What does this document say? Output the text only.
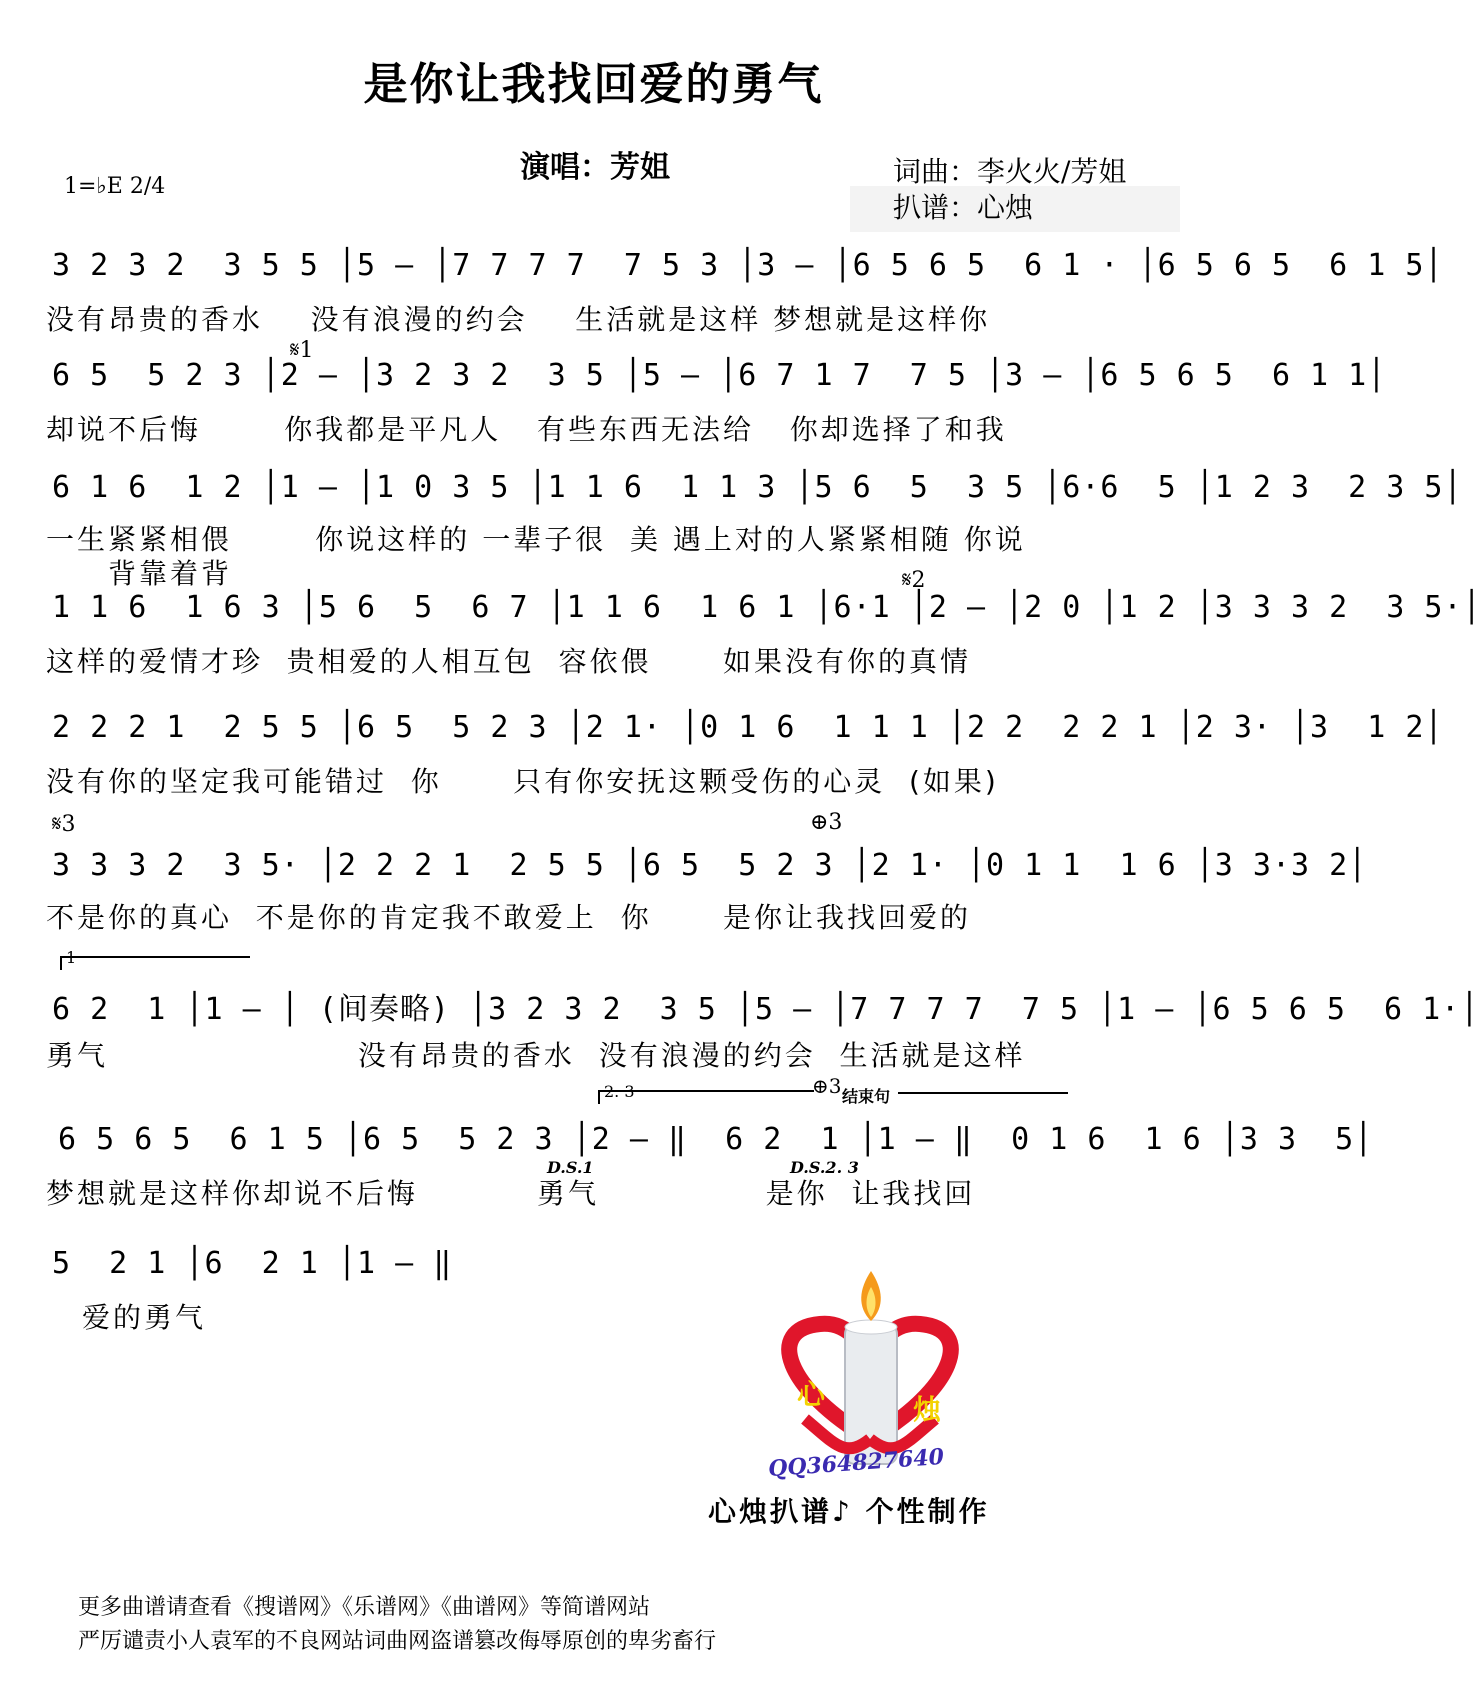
是你让我找回爱的勇气
演唱：芳姐	词曲：李火火/芳姐
扒谱：心烛
1=♭E 2/4
3 2 3 2  3 5 5 │5 – │7 7 7 7  7 5 3 │3 – │6 5 6 5  6 1 · │6 5 6 5  6 1 5│
没有昂贵的香水    没有浪漫的约会    生活就是这样 梦想就是这样你
𝄋1
6 5  5 2 3 │2 – │3 2 3 2  3 5 │5 – │6 7 1 7  7 5 │3 – │6 5 6 5  6 1 1│
却说不后悔       你我都是平凡人   有些东西无法给   你却选择了和我
6 1 6  1 2 │1 – │1 0 3 5 │1 1 6  1 1 3 │5 6  5  3 5 │6·6  5 │1 2 3  2 3 5│
一生紧紧相偎       你说这样的 一辈子很  美 遇上对的人紧紧相随 你说
背靠着背	𝄋2
1 1 6  1 6 3 │5 6  5  6 7 │1 1 6  1 6 1 │6·1 │2 – │2 0 │1 2 │3 3 3 2  3 5·│
这样的爱情才珍  贵相爱的人相互包  容依偎      如果没有你的真情
2 2 2 1  2 5 5 │6 5  5 2 3 │2 1· │0 1 6  1 1 1 │2 2  2 2 1 │2 3· │3  1 2│
没有你的坚定我可能错过  你      只有你安抚这颗受伤的心灵  (如果)
𝄋3	⊕3
3 3 3 2  3 5· │2 2 2 1  2 5 5 │6 5  5 2 3 │2 1· │0 1 1  1 6 │3 3·3 2│
不是你的真心  不是你的肯定我不敢爱上  你      是你让我找回爱的
1
6 2  1 │1 – │ (间奏略) │3 2 3 2  3 5 │5 – │7 7 7 7  7 5 │1 – │6 5 6 5  6 1·│
勇气                     没有昂贵的香水  没有浪漫的约会  生活就是这样
2. 3	⊕3 结束句
6 5 6 5  6 1 5 │6 5  5 2 3 │2 – ‖  6 2  1 │1 – ‖  0 1 6  1 6 │3 3  5│
D.S.1	D.S.2. 3
梦想就是这样你却说不后悔          勇气              是你  让我找回
5  2 1 │6  2 1 │1 – ‖
爱的勇气

心	烛

QQ364827640
心烛扒谱♪ 个性制作
更多曲谱请查看《搜谱网》《乐谱网》《曲谱网》等简谱网站
严厉谴责小人袁军的不良网站词曲网盗谱篡改侮辱原创的卑劣畜行
